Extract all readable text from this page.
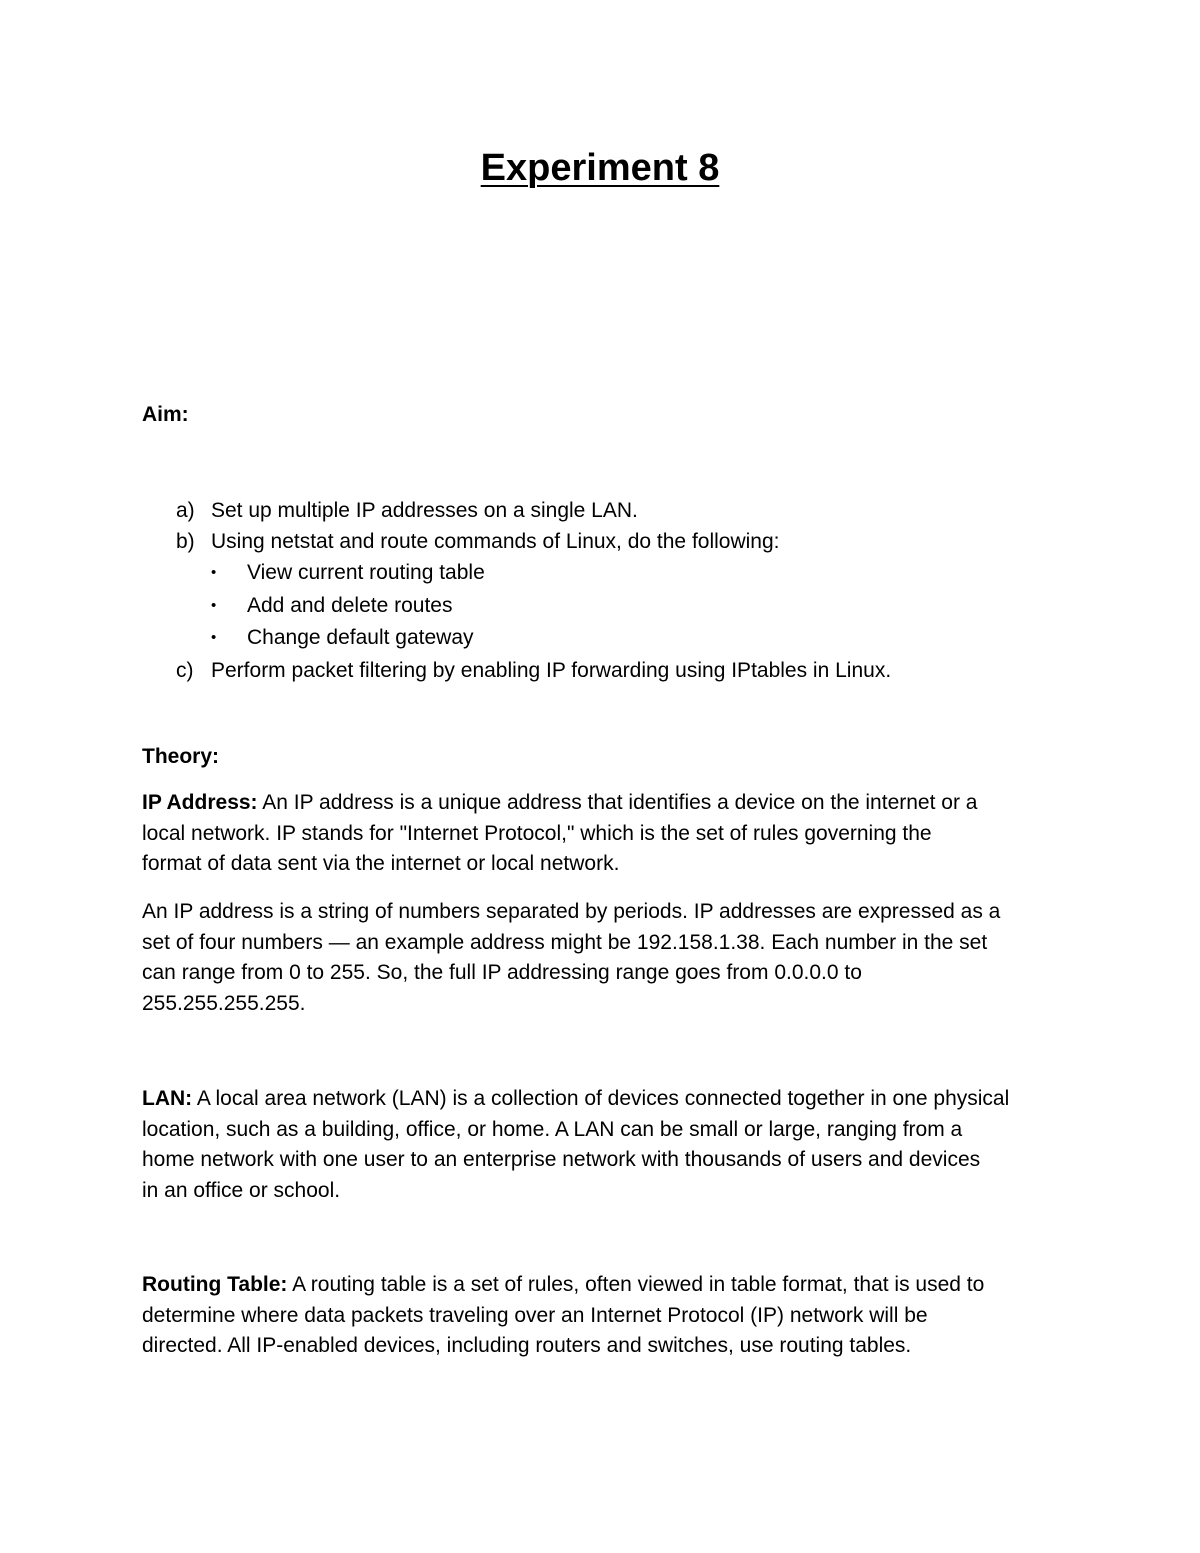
Experiment 8
Aim:
a) Set up multiple IP addresses on a single LAN.
b) Using netstat and route commands of Linux, do the following:
• View current routing table
• Add and delete routes
• Change default gateway
c) Perform packet filtering by enabling IP forwarding using IPtables in Linux.
Theory:
IP Address: An IP address is a unique address that identifies a device on the internet or a
local network. IP stands for "Internet Protocol," which is the set of rules governing the
format of data sent via the internet or local network.
An IP address is a string of numbers separated by periods. IP addresses are expressed as a
set of four numbers — an example address might be 192.158.1.38. Each number in the set
can range from 0 to 255. So, the full IP addressing range goes from 0.0.0.0 to
255.255.255.255.
LAN: A local area network (LAN) is a collection of devices connected together in one physical
location, such as a building, office, or home. A LAN can be small or large, ranging from a
home network with one user to an enterprise network with thousands of users and devices
in an office or school.
Routing Table: A routing table is a set of rules, often viewed in table format, that is used to
determine where data packets traveling over an Internet Protocol (IP) network will be
directed. All IP-enabled devices, including routers and switches, use routing tables.
